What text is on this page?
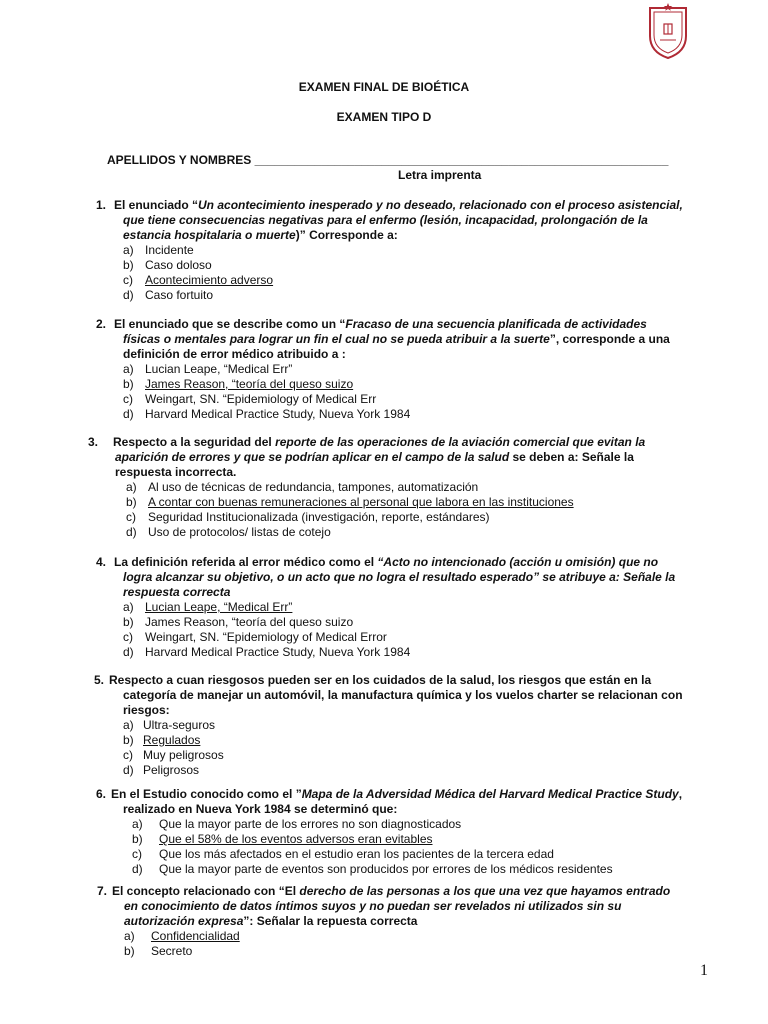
EXAMEN FINAL DE BIOÉTICA
EXAMEN TIPO D
APELLIDOS Y NOMBRES ______________________________________________________________
Letra imprenta
1. El enunciado “Un acontecimiento inesperado y no deseado, relacionado con el proceso asistencial,
que tiene consecuencias negativas para el enfermo (lesión, incapacidad, prolongación de la
estancia hospitalaria o muerte)” Corresponde a:
a) Incidente
b) Caso doloso
c) Acontecimiento adverso
d) Caso fortuito
2. El enunciado que se describe como un “Fracaso de una secuencia planificada de actividades
físicas o mentales para lograr un fin el cual no se pueda atribuir a la suerte”, corresponde a una
definición de error médico atribuido a :
a) Lucian Leape, “Medical Err”
b) James Reason, “teoría del queso suizo
c) Weingart, SN. “Epidemiology of Medical Err
d) Harvard Medical Practice Study, Nueva York 1984
3. Respecto a la seguridad del reporte de las operaciones de la aviación comercial que evitan la
aparición de errores y que se podrían aplicar en el campo de la salud se deben a: Señale la
respuesta incorrecta.
a) Al uso de técnicas de redundancia, tampones, automatización
b) A contar con buenas remuneraciones al personal que labora en las instituciones
c) Seguridad Institucionalizada (investigación, reporte, estándares)
d) Uso de protocolos/ listas de cotejo
4. La definición referida al error médico como el “Acto no intencionado (acción u omisión) que no
logra alcanzar su objetivo, o un acto que no logra el resultado esperado” se atribuye a: Señale la
respuesta correcta
a) Lucian Leape, “Medical Err”
b) James Reason, “teoría del queso suizo
c) Weingart, SN. “Epidemiology of Medical Error
d) Harvard Medical Practice Study, Nueva York 1984
5. Respecto a cuan riesgosos pueden ser en los cuidados de la salud, los riesgos que están en la
categoría de manejar un automóvil, la manufactura química y los vuelos charter se relacionan con
riesgos:
a) Ultra-seguros
b) Regulados
c) Muy peligrosos
d) Peligrosos
6. En el Estudio conocido como el ”Mapa de la Adversidad Médica del Harvard Medical Practice Study,
realizado en Nueva York 1984 se determinó que:
a) Que la mayor parte de los errores no son diagnosticados
b) Que el 58% de los eventos adversos eran evitables
c) Que los más afectados en el estudio eran los pacientes de la tercera edad
d) Que la mayor parte de eventos son producidos por errores de los médicos residentes
7. El concepto relacionado con “El derecho de las personas a los que una vez que hayamos entrado
en conocimiento de datos íntimos suyos y no puedan ser revelados ni utilizados sin su
autorización expresa”: Señalar la repuesta correcta
a) Confidencialidad
b) Secreto
1
